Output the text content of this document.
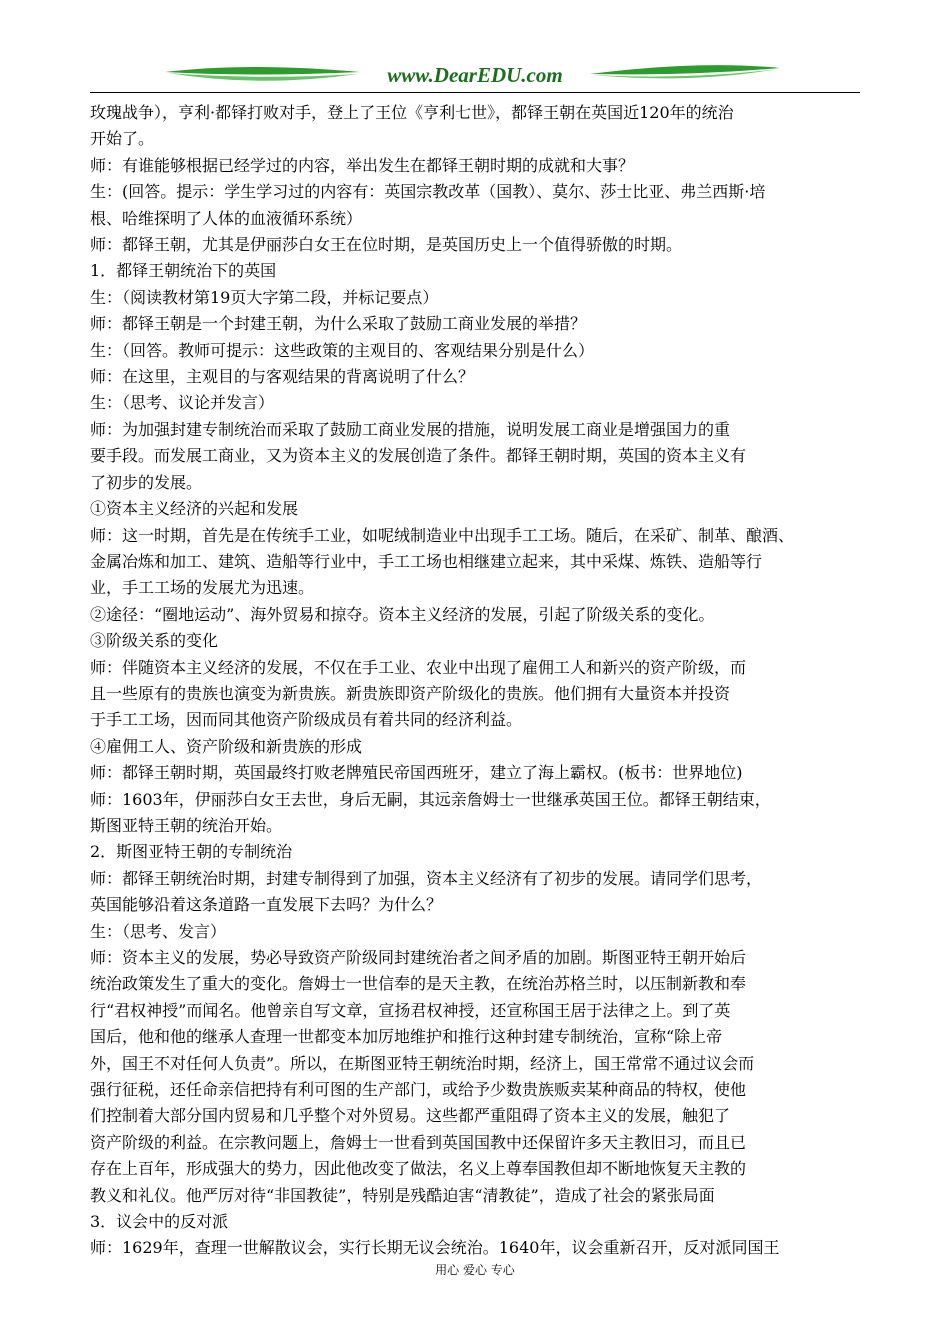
www.DearEDU.com

玫瑰战争），亨利·都铎打败对手，登上了王位《亨利七世》，都铎王朝在英国近120年的统治

开始了。

师：有谁能够根据已经学过的内容，举出发生在都铎王朝时期的成就和大事？

生：(回答。提示：学生学习过的内容有：英国宗教改革（国教）、莫尔、莎士比亚、弗兰西斯·培

根、哈维探明了人体的血液循环系统）

师：都铎王朝，尤其是伊丽莎白女王在位时期，是英国历史上一个值得骄傲的时期。

1．都铎王朝统治下的英国

生：（阅读教材第19页大字第二段，并标记要点）

师：都铎王朝是一个封建王朝，为什么采取了鼓励工商业发展的举措？

生：（回答。教师可提示：这些政策的主观目的、客观结果分别是什么）

师：在这里，主观目的与客观结果的背离说明了什么？

生：（思考、议论并发言）

师：为加强封建专制统治而采取了鼓励工商业发展的措施，说明发展工商业是增强国力的重

要手段。而发展工商业，又为资本主义的发展创造了条件。都铎王朝时期，英国的资本主义有

了初步的发展。

①资本主义经济的兴起和发展

师：这一时期，首先是在传统手工业，如呢绒制造业中出现手工工场。随后，在采矿、制革、酿酒、

金属冶炼和加工、建筑、造船等行业中，手工工场也相继建立起来，其中采煤、炼铁、造船等行

业，手工工场的发展尤为迅速。

②途径：“圈地运动”、海外贸易和掠夺。资本主义经济的发展，引起了阶级关系的变化。

③阶级关系的变化

师：伴随资本主义经济的发展，不仅在手工业、农业中出现了雇佣工人和新兴的资产阶级，而

且一些原有的贵族也演变为新贵族。新贵族即资产阶级化的贵族。他们拥有大量资本并投资

于手工工场，因而同其他资产阶级成员有着共同的经济利益。

④雇佣工人、资产阶级和新贵族的形成

师：都铎王朝时期，英国最终打败老牌殖民帝国西班牙，建立了海上霸权。(板书：世界地位)

师：1603年，伊丽莎白女王去世，身后无嗣，其远亲詹姆士一世继承英国王位。都铎王朝结束，

斯图亚特王朝的统治开始。

2．斯图亚特王朝的专制统治

师：都铎王朝统治时期，封建专制得到了加强，资本主义经济有了初步的发展。请同学们思考，

英国能够沿着这条道路一直发展下去吗？为什么？

生：（思考、发言）

师：资本主义的发展，势必导致资产阶级同封建统治者之间矛盾的加剧。斯图亚特王朝开始后

统治政策发生了重大的变化。詹姆士一世信奉的是天主教，在统治苏格兰时，以压制新教和奉

行“君权神授”而闻名。他曾亲自写文章，宣扬君权神授，还宣称国王居于法律之上。到了英

国后，他和他的继承人查理一世都变本加厉地维护和推行这种封建专制统治，宣称“除上帝

外，国王不对任何人负责”。所以，在斯图亚特王朝统治时期，经济上，国王常常不通过议会而

强行征税，还任命亲信把持有利可图的生产部门，或给予少数贵族贩卖某种商品的特权，使他

们控制着大部分国内贸易和几乎整个对外贸易。这些都严重阻碍了资本主义的发展，触犯了

资产阶级的利益。在宗教问题上，詹姆士一世看到英国国教中还保留许多天主教旧习，而且已

存在上百年，形成强大的势力，因此他改变了做法，名义上尊奉国教但却不断地恢复天主教的

教义和礼仪。他严厉对待“非国教徒”，特别是残酷迫害“清教徒”，造成了社会的紧张局面

3．议会中的反对派

师：1629年，查理一世解散议会，实行长期无议会统治。1640年，议会重新召开，反对派同国王

用心 爱心 专心
